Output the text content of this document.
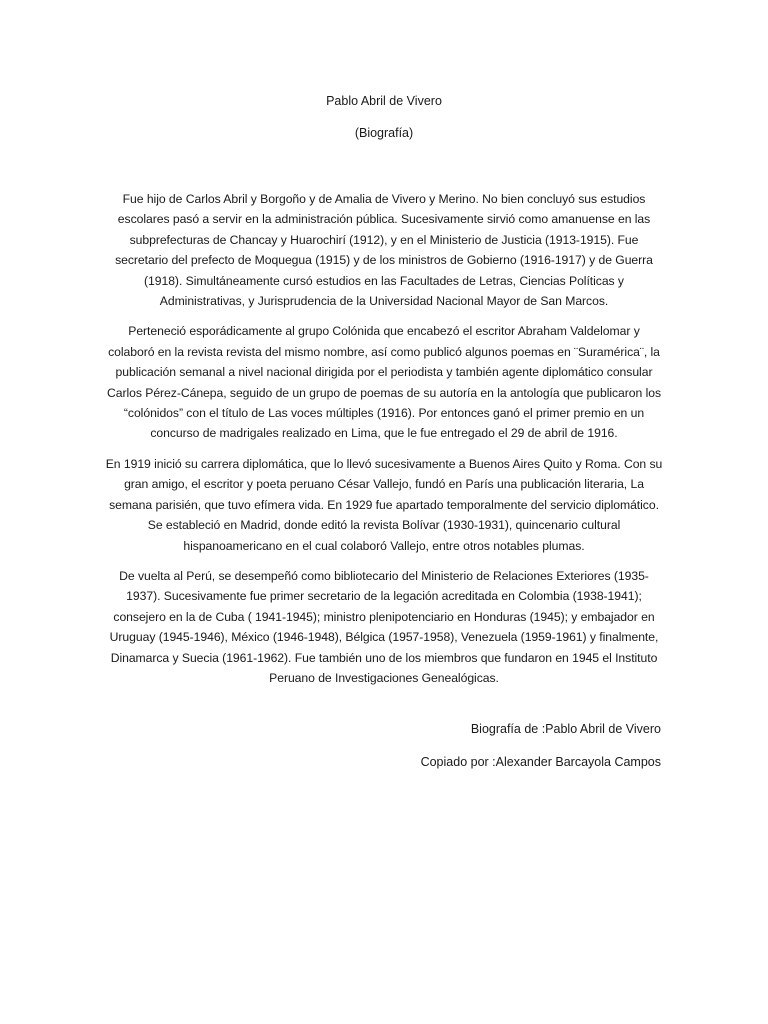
Pablo Abril de Vivero

(Biografía)

Fue hijo de Carlos Abril y Borgoño y de Amalia de Vivero y Merino. No bien concluyó sus estudios escolares pasó a servir en la administración pública. Sucesivamente sirvió como amanuense en las subprefecturas de Chancay y Huarochirí (1912), y en el Ministerio de Justicia (1913-1915). Fue secretario del prefecto de Moquegua (1915) y de los ministros de Gobierno (1916-1917) y de Guerra (1918). Simultáneamente cursó estudios en las Facultades de Letras, Ciencias Políticas y Administrativas, y Jurisprudencia de la Universidad Nacional Mayor de San Marcos.

Perteneció esporádicamente al grupo Colónida que encabezó el escritor Abraham Valdelomar y colaboró en la revista revista del mismo nombre, así como publicó algunos poemas en ¨Suramérica¨, la publicación semanal a nivel nacional dirigida por el periodista y también agente diplomático consular Carlos Pérez-Cánepa, seguido de un grupo de poemas de su autoría en la antología que publicaron los “colónidos” con el título de Las voces múltiples (1916). Por entonces ganó el primer premio en un concurso de madrigales realizado en Lima, que le fue entregado el 29 de abril de 1916.

En 1919 inició su carrera diplomática, que lo llevó sucesivamente a Buenos Aires Quito y Roma. Con su gran amigo, el escritor y poeta peruano César Vallejo, fundó en París una publicación literaria, La semana parisién, que tuvo efímera vida. En 1929 fue apartado temporalmente del servicio diplomático. Se estableció en Madrid, donde editó la revista Bolívar (1930-1931), quincenario cultural hispanoamericano en el cual colaboró Vallejo, entre otros notables plumas.

De vuelta al Perú, se desempeñó como bibliotecario del Ministerio de Relaciones Exteriores (1935-1937). Sucesivamente fue primer secretario de la legación acreditada en Colombia (1938-1941); consejero en la de Cuba ( 1941-1945); ministro plenipotenciario en Honduras (1945); y embajador en Uruguay (1945-1946), México (1946-1948), Bélgica (1957-1958), Venezuela (1959-1961) y finalmente, Dinamarca y Suecia (1961-1962). Fue también uno de los miembros que fundaron en 1945 el Instituto Peruano de Investigaciones Genealógicas.

Biografía de :Pablo Abril de Vivero

Copiado por :Alexander Barcayola Campos
